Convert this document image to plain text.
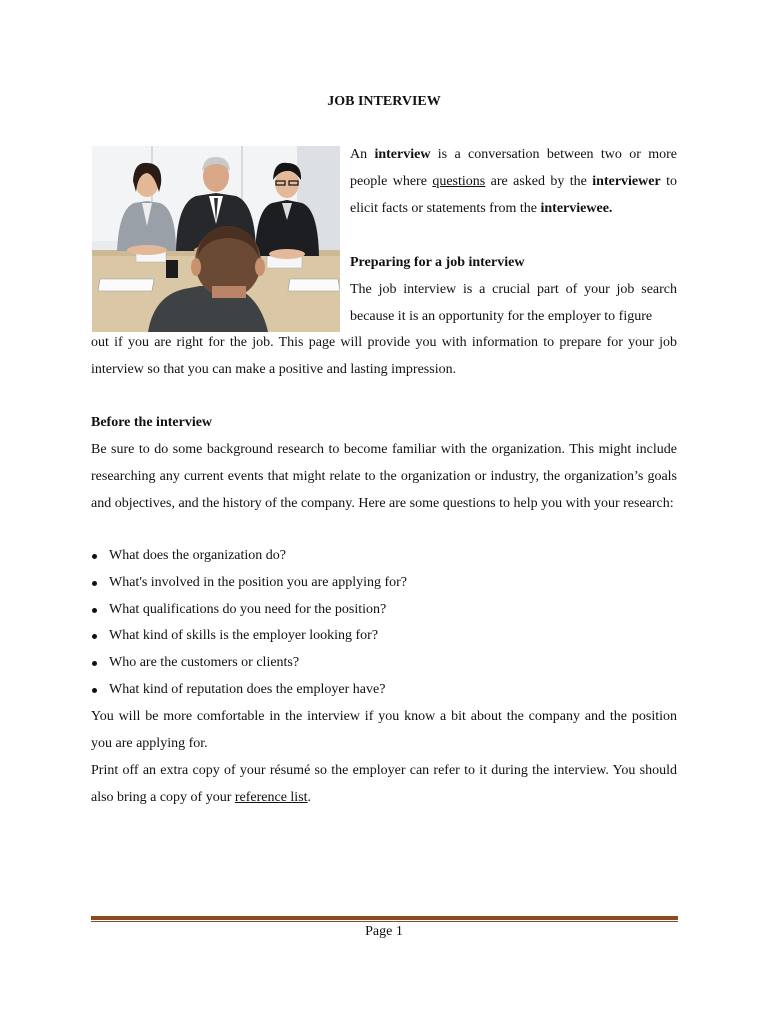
JOB INTERVIEW
An interview is a conversation between two or more people where questions are asked by the interviewer to elicit facts or statements from the interviewee.
Preparing for a job interview
The job interview is a crucial part of your job search because it is an opportunity for the employer to figure
out if you are right for the job. This page will provide you with information to prepare for your job interview so that you can make a positive and lasting impression.
Before the interview
Be sure to do some background research to become familiar with the organization. This might include researching any current events that might relate to the organization or industry, the organization’s goals and objectives, and the history of the company. Here are some questions to help you with your research:
What does the organization do?
What's involved in the position you are applying for?
What qualifications do you need for the position?
What kind of skills is the employer looking for?
Who are the customers or clients?
What kind of reputation does the employer have?
You will be more comfortable in the interview if you know a bit about the company and the position you are applying for.
Print off an extra copy of your résumé so the employer can refer to it during the interview. You should also bring a copy of your reference list.
Page 1
